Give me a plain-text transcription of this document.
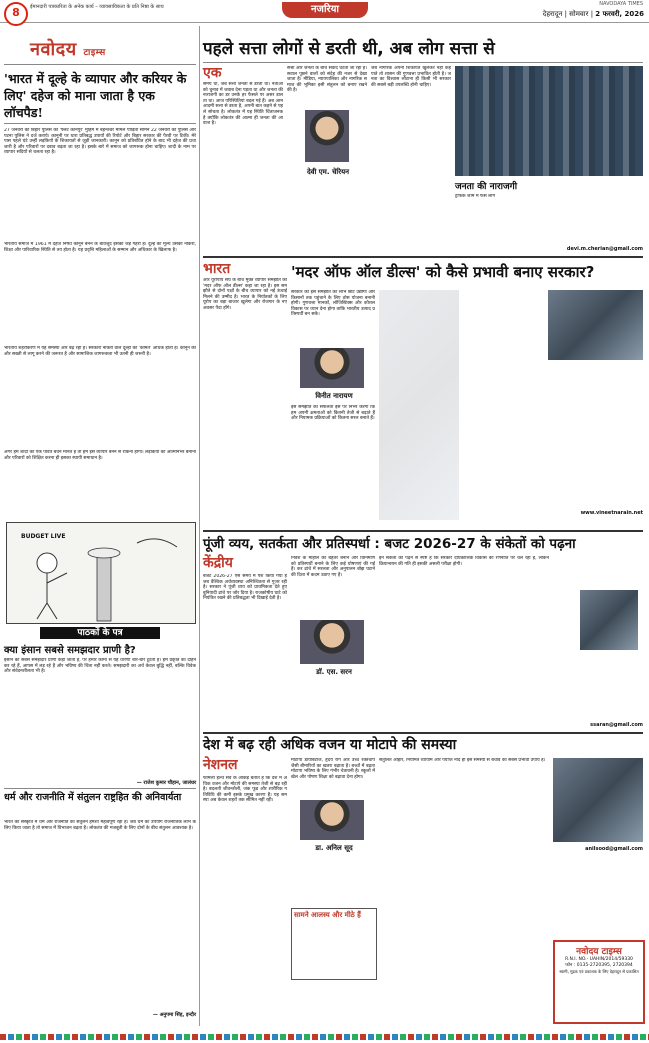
8	ईमानदारी पत्रकारिता के अनेक कार्य – व्यावसायिकता के प्रति निष्ठा के साथ	नजरिया	देहरादून | सोमवार | 2 फरवरी, 2026
NAVODAYA TIMES
नवोदय टाइम्स
'भारत में दूल्हे के व्यापार और करियर के लिए' दहेज को माना जाता है एक लॉचपैड!
27 जनवरी को बिहार पुलिस को 'फ्लैट कानपुर' मुहिम में बहनेश्वर मामले पीड़िता सामने 22 जनवरी को पुलिस और पटना पुलिस ने दर्ज कराये। कानूनी पर धारा प्रतिबद्ध उपायों की रिपोर्ट और बिहार सरकार की पैरवी पर टिकी। मेरे पास पहले घंटे उन्हीं लड़कियों के शिकायतों से जुड़ी जानकारी। कानून को प्रतिबंधित होने के बाद भी दहेज की प्रथा जारी है और परिवारों पर दबाव बढ़ता जा रहा है। इसके बारे में समाज को जागरूक होना चाहिए। शादी के नाम पर व्यापार सदियों से चलता रहा है।
भारतीय समाज में 1961 में दहेज निषेध कानून बनने के बावजूद इसकी जड़ें गहरी हैं। दूल्हे का मूल्य उसकी नौकरी, शिक्षा और पारिवारिक स्थिति से तय होता है। यह प्रवृत्ति महिलाओं के सम्मान और अधिकार के खिलाफ है।
भारतीय शहरीकरण में यह समस्या और बढ़ रही है। सरकारी नौकरी वाले दूल्हों की 'कीमत' अधिक होती है। कानून को और सख्ती से लागू करने की जरूरत है और सामाजिक जागरूकता भी उतनी ही जरूरी है।
अगर हम शादी को एक पवित्र बंधन मानते हैं तो हमें इसे व्यापार बनने से रोकना होगा। लड़कियों को आत्मनिर्भर बनाना और परिवारों को शिक्षित करना ही इसका स्थायी समाधान है।
BUDGET LIVE
पाठकों के पत्र
क्या इंसान सबसे समझदार प्राणी है?
इंसान को सबसे समझदार प्राणी कहा जाता है, पर हमारे कामों से यह धारणा बार-बार टूटती है। हम प्रकृति का दोहन कर रहे हैं, आपस में लड़ रहे हैं और भविष्य की चिंता नहीं करते। समझदारी का अर्थ केवल बुद्धि नहीं, बल्कि विवेक और संवेदनशीलता भी है।
— राजेश कुमार चौहान, जालंधर
धर्म और राजनीति में संतुलन राष्ट्रहित की अनिवार्यता
भारत की संस्कृति में धर्म और राजनीति का संतुलन हमेशा महत्वपूर्ण रहा है। जब धर्म का उपयोग राजनीतिक लाभ के लिए किया जाता है तो समाज में विभाजन बढ़ता है। लोकतंत्र की मजबूती के लिए दोनों के बीच संतुलन आवश्यक है।
— अनुपमा सिंह, इन्दौर
पहले सत्ता लोगों से डरती थी, अब लोग सत्ता से
एक
समय था, जब सत्ता जनता से डरती थी। नेताओं को चुनाव में जवाब देना पड़ता था और जनता की नाराजगी का डर उनके हर फैसले पर असर डालता था। आज परिस्थितियां बदल गई हैं। अब आम आदमी सत्ता से डरता है, अपनी बात कहने से पहले सोचता है। लोकतंत्र में यह स्थिति चिंताजनक है क्योंकि लोकतंत्र की आत्मा ही जनता की आवाज है।
सत्ता और जनता के बीच संवाद घटता जा रहा है। सवाल पूछने वालों को संदेह की नजर से देखा जाता है। मीडिया, न्यायपालिका और नागरिक समाज की भूमिका इसी संतुलन को बनाए रखने की है।
देवी एम. चेरियन
जब नागरिक अपनी शिकायतें खुलकर नहीं कह पाते तो शासन की गुणवत्ता प्रभावित होती है। जनता का विश्वास लौटाना ही किसी भी सरकार की सबसे बड़ी उपलब्धि होनी चाहिए।
जनता की नाराजगी
ट्रैफिक जाम में फंसे लोग
devi.m.cherian@gmail.com
भारत
और यूरोपीय संघ के बीच मुक्त व्यापार समझौते को 'मदर ऑफ ऑल डील्स' कहा जा रहा है। इस समझौते से दोनों पक्षों के बीच व्यापार को नई ऊंचाई मिलने की उम्मीद है। भारत के निर्यातकों के लिए यूरोप का बड़ा बाजार खुलेगा और रोजगार के नए अवसर पैदा होंगे।
'मदर ऑफ ऑल डील्स' को कैसे प्रभावी बनाए सरकार?
सरकार को इस समझौते का लाभ छोटे उद्योगों और किसानों तक पहुंचाने के लिए ठोस योजना बनानी होगी। गुणवत्ता मानकों, लॉजिस्टिक्स और कौशल विकास पर ध्यान देना होगा ताकि भारतीय उत्पाद प्रतिस्पर्धी बन सकें।
विनीत नारायण
इस समझौते की सफलता इस पर निर्भर करेगी कि हम अपनी क्षमताओं को कितनी तेजी से बढ़ाते हैं और नियामक प्रक्रियाओं को कितना सरल बनाते हैं।
www.vineetnarain.net
पूंजी व्यय, सतर्कता और प्रतिस्पर्धा : बजट 2026-27 के संकेतों को पढ़ना
केंद्रीय
बजट 2026-27 ऐसे समय में पेश किया गया है जब वैश्विक अर्थव्यवस्था अनिश्चितता से गुजर रही है। सरकार ने पूंजी व्यय को प्राथमिकता देते हुए बुनियादी ढांचे पर जोर दिया है। राजकोषीय घाटे को नियंत्रित रखने की प्रतिबद्धता भी दिखाई देती है।
निवेश के माहौल को बेहतर बनाने और विनिर्माण को प्रतिस्पर्धी बनाने के लिए कई घोषणाएं की गई हैं। कर ढांचे में सरलता और अनुपालन बोझ घटाने की दिशा में कदम उठाए गए हैं।
डॉ. एस. सरन
इन संकेतों को पढ़ने से स्पष्ट है कि सरकार दीर्घकालिक विकास की रणनीति पर चल रही है, लेकिन क्रियान्वयन की गति ही इसकी असली परीक्षा होगी।
ssaran@gmail.com
देश में बढ़ रही अधिक वजन या मोटापे की समस्या
नेशनल
फैमिली हेल्थ सर्वे के आंकड़े बताते हैं कि देश में अधिक वजन और मोटापे की समस्या तेजी से बढ़ रही है। बदलती जीवनशैली, जंक फूड और शारीरिक गतिविधि की कमी इसके प्रमुख कारण हैं। यह समस्या अब केवल शहरों तक सीमित नहीं रही।
डा. अनिल सूद
मोटापा डायबिटीज, हृदय रोग और उच्च रक्तचाप जैसी बीमारियों का खतरा बढ़ाता है। बच्चों में बढ़ता मोटापा भविष्य के लिए गंभीर चेतावनी है। स्कूलों में खेल और पोषण शिक्षा को बढ़ावा देना होगा।
सामने आलस्य और मीठे हैं
संतुलित आहार, नियमित व्यायाम और पर्याप्त नींद ही इस समस्या से बचाव का सबसे प्रभावी उपाय है।
anilsood@gmail.com
नवोदय टाइम्स
R.N.I. NO.- UAHIN/2014/59330
फोन : 0135-2720395, 2720394
स्वामी, मुद्रक एवं प्रकाशक के लिए देहरादून से प्रकाशित
